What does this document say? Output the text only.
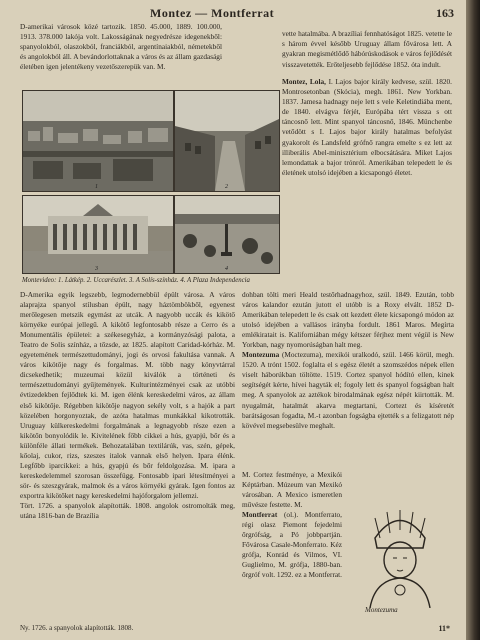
Montez — Montferrat	163

D-amerikai városok közé tartozik. 1850. 45.000, 1889. 100.000, 1913. 378.000 lakója volt. Lakosságának negyedrésze idegenekből: spanyolokból, olaszokból, franciákból, argentínaiakból, németekből és angolokból áll. A bevándorlottaknak a város és az állam gazdasági életében igen jelentékeny vezetőszerepük van. M.

vette hatalmába. A brazíliai fennhatóságot 1825. vetette le s három évvel később Uruguay állam fővárosa lett. A gyakran megismétlődő hábórúskodások e város fejlődését visszavetették. Erőteljesebb fejlődése 1852. óta indult.

Montez, Lola, I. Lajos bajor király kedvese, szül. 1820. Montrosetonban (Skócia), megh. 1861. New Yorkban. 1837. Jamesa hadnagy neje lett s vele Keletindiába ment, de 1840. elvágva férjét, Európába tért vissza s ott táncosnő lett. Mint spanyol táncosnő, 1846. Münchenbe vetődött s I. Lajos bajor király hatalmas befolyást gyakorolt és Landsfeld grófnő rangra emelte s ez lett az illiberális Abel-minisztérium elbocsátására. Miket Lajos lemondattak a bajor trónról. Amerikában telepedett le és életének utolsó idejében a kicsapongó életet.

1	2
3	4
Montevideo: 1. Látkép. 2. Uccarészlet. 3. A Solís-színház. 4. A Plaza Independencia

D-Amerika egyik legszebb, legmodernebbül épült városa. A város alaprajza spanyol stílusban épült, nagy háztömbökből, egyenest merőlegesen metszik egymást az utcák. A nagyobb uccák és kikötő környéke európai jellegű. A kikötő legfontosabb része a Cerro és a Monumentális épületei: a székesegyház, a kormányzósági palota, a Teatro de Solis színház, a tőzsde, az 1825. alapított Caridad-kórház. M. egyetemének természettudományi, jogi és orvosi fakultása vannak. A város kikötője nagy és forgalmas. M. több nagy könyvtárral dicsekedhetik; muzeumai közül kiválók a történeti és természettudományi gyűjtemények. Kulturintézményei csak az utóbbi évtizedekben fejlődtek ki. M. igen élénk kereskedelmi város, az állam első kikötője. Régebben kikötője nagyon sekély volt, s a hajók a part közelében horgonyoztak, de azóta hatalmas munkákkal kikotrották. Uruguay külkereskedelmi forgalmának a legnagyobb része ezen a kikötőn bonyolódik le. Kivitelének főbb cikkei a hús, gyapjú, bőr és a különféle állati termékek. Behozatalában textilárúk, vas, szén, gépek, kőolaj, cukor, rizs, szeszes italok vannak első helyen. Ipara élénk. Legfőbb iparcikkei: a hús, gyapjú és bőr feldolgozása. M. ipara a kereskedelemmel szorosan összefügg. Fontosabb ipari létesítményei a sör- és szeszgyárak, malmok és a város környéki gyárak. Igen fontos az exportra kikötőket nagy kereskedelmi hajóforgalom jellemzi.

Tört. 1726. a spanyolok alapították. 1808. angolok ostromolták meg, utána 1816-ban de Brazília

dohban tölti meri Heald testőrhadnagyhoz, szül. 1849. Ezután, tobb város kalandor ezután jutott el utóbb is a Roxy elvált. 1852 D-Amerikában telepedett le és csak ott kezdett élete kicsapongó módon az utolsó idejében a vallásos irányba fordult. 1861 Maros. Megírta emlékiratait is. Kaliforniában mégy kétszer férjhez ment végül is New Yorkban, nagy nyomorúságban halt meg.

Montezuma (Moctezuma), mexikói uralkodó, szül. 1466 körül, megh. 1520. A trónt 1502. foglalta el s egész életét a szomszédos népek ellen viselt háborúkban töltötte. 1519. Cortez spanyol hódító ellen, kinek segítségét kérte, hívei hagyták el; fogoly lett és spanyol fogságban halt meg. A spanyolok az aztékok birodalmának egész népét kiirtották. M. nyugalmát, hatalmát akarva megtartani, Cortezt és kíséretét barátságosan fogadta, M.-t azonban fogságba ejtették s a felizgatott nép kövével megsebesülve meghalt.

M. Cortez festménye, a Mexikói Képtárban. Múzeum van Mexikó városában. A Mexico ismeretlen művésze festette. M.

Montferrat (ol.). Montferrato, régi olasz Piemont fejedelmi őrgrófság, a Pó jobbpartján. Fővárosa Casale-Monferrato. Kéz grófja, Konrád és Vilmos, VI. Guglielmo, M. grófja, 1880-ban. őrgróf volt. 1292. ez a Montferrat.

Montezuma
Ny. 1726. a spanyolok alapították. 1808.	11*
